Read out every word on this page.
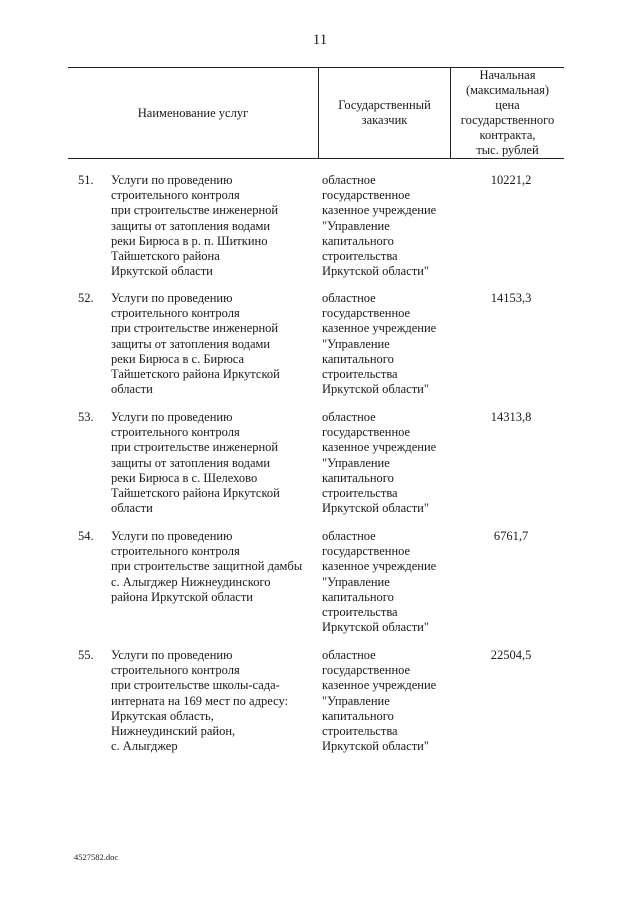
11
Наименование услуг
Государственный
заказчик
Начальная
(максимальная)
цена
государственного
контракта,
тыс. рублей
51. Услуги по проведению
строительного контроля
при строительстве инженерной
защиты от затопления водами
реки Бирюса в р. п. Шиткино
Тайшетского района
Иркутской области
областное
государственное
казенное учреждение
"Управление
капитального
строительства
Иркутской области"
10221,2
52. Услуги по проведению
строительного контроля
при строительстве инженерной
защиты от затопления водами
реки Бирюса в с. Бирюса
Тайшетского района Иркутской
области
областное
государственное
казенное учреждение
"Управление
капитального
строительства
Иркутской области"
14153,3
53. Услуги по проведению
строительного контроля
при строительстве инженерной
защиты от затопления водами
реки Бирюса в с. Шелехово
Тайшетского района Иркутской
области
областное
государственное
казенное учреждение
"Управление
капитального
строительства
Иркутской области"
14313,8
54. Услуги по проведению
строительного контроля
при строительстве защитной дамбы
с. Алыгджер Нижнеудинского
района Иркутской области
областное
государственное
казенное учреждение
"Управление
капитального
строительства
Иркутской области"
6761,7
55. Услуги по проведению
строительного контроля
при строительстве школы-сада-
интерната на 169 мест по адресу:
Иркутская область,
Нижнеудинский район,
с. Алыгджер
областное
государственное
казенное учреждение
"Управление
капитального
строительства
Иркутской области"
22504,5
4527582.doc
